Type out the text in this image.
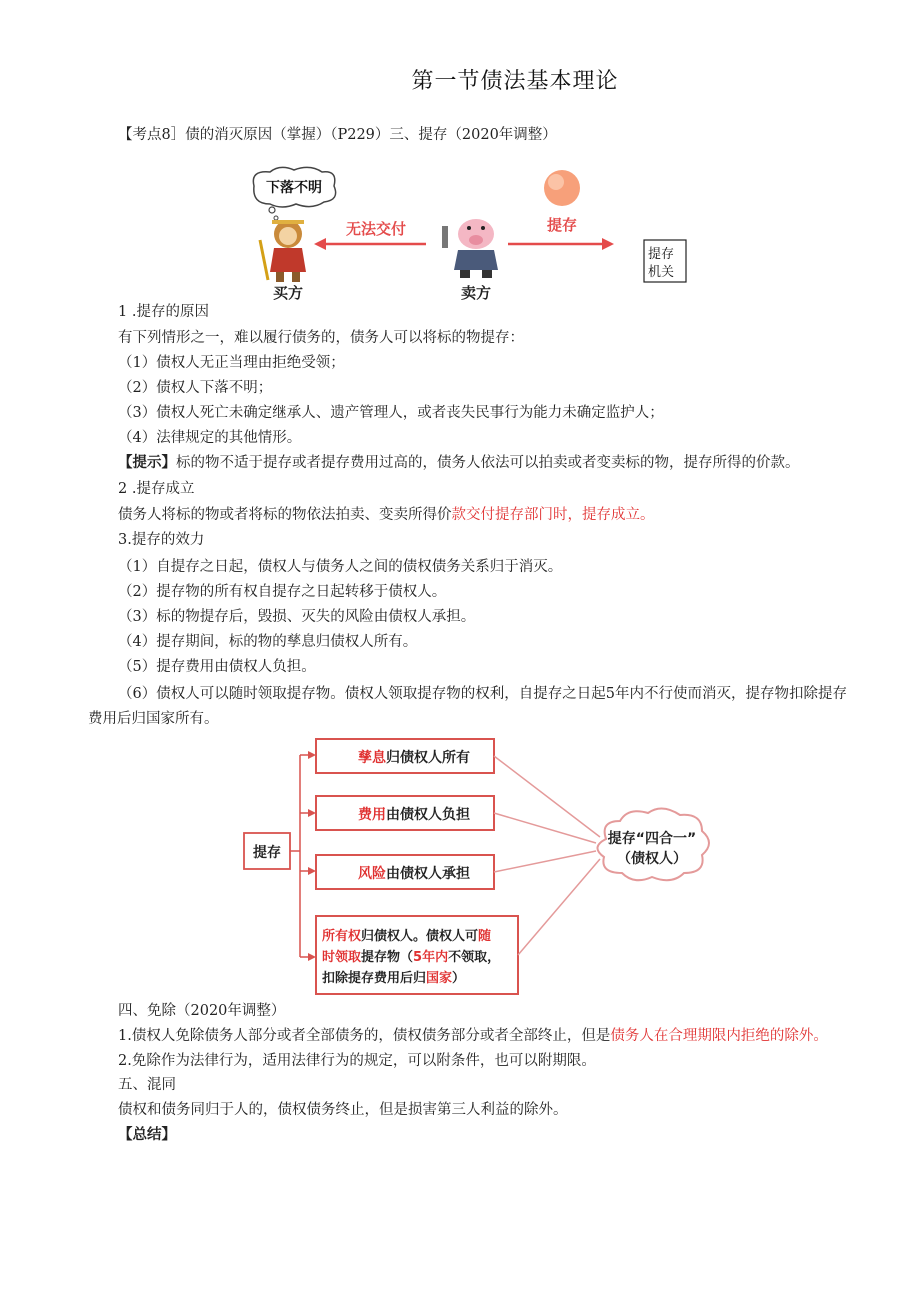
第一节债法基本理论
【考点8］债的消灭原因（掌握）（P229）三、提存（2020年调整）
下落不明
买方
无法交付
卖方
提存
提存
机关
1 .提存的原因
有下列情形之一，难以履行债务的，债务人可以将标的物提存：
（1）债权人无正当理由拒绝受领；
（2）债权人下落不明；
（3）债权人死亡未确定继承人、遗产管理人，或者丧失民事行为能力未确定监护人；
（4）法律规定的其他情形。
【提示】标的物不适于提存或者提存费用过高的，债务人依法可以拍卖或者变卖标的物，提存所得的价款。
2 .提存成立
债务人将标的物或者将标的物依法拍卖、变卖所得价款交付提存部门时，提存成立。
3.提存的效力
（1）自提存之日起，债权人与债务人之间的债权债务关系归于消灭。
（2）提存物的所有权自提存之日起转移于债权人。
（3）标的物提存后，毁损、灭失的风险由债权人承担。
（4）提存期间，标的物的孳息归债权人所有。
（5）提存费用由债权人负担。
（6）债权人可以随时领取提存物。债权人领取提存物的权利，自提存之日起5年内不行使而消灭，提存物扣除提存
费用后归国家所有。
提存
孳息归债权人所有
费用由债权人负担
风险由债权人承担
所有权归债权人。债权人可随
时领取提存物（5年内不领取，
扣除提存费用后归国家）
提存“四合一”
（债权人）
四、免除（2020年调整）
1.债权人免除债务人部分或者全部债务的，债权债务部分或者全部终止，但是债务人在合理期限内拒绝的除外。
2.免除作为法律行为，适用法律行为的规定，可以附条件，也可以附期限。
五、混同
债权和债务同归于人的，债权债务终止，但是损害第三人利益的除外。
【总结】
